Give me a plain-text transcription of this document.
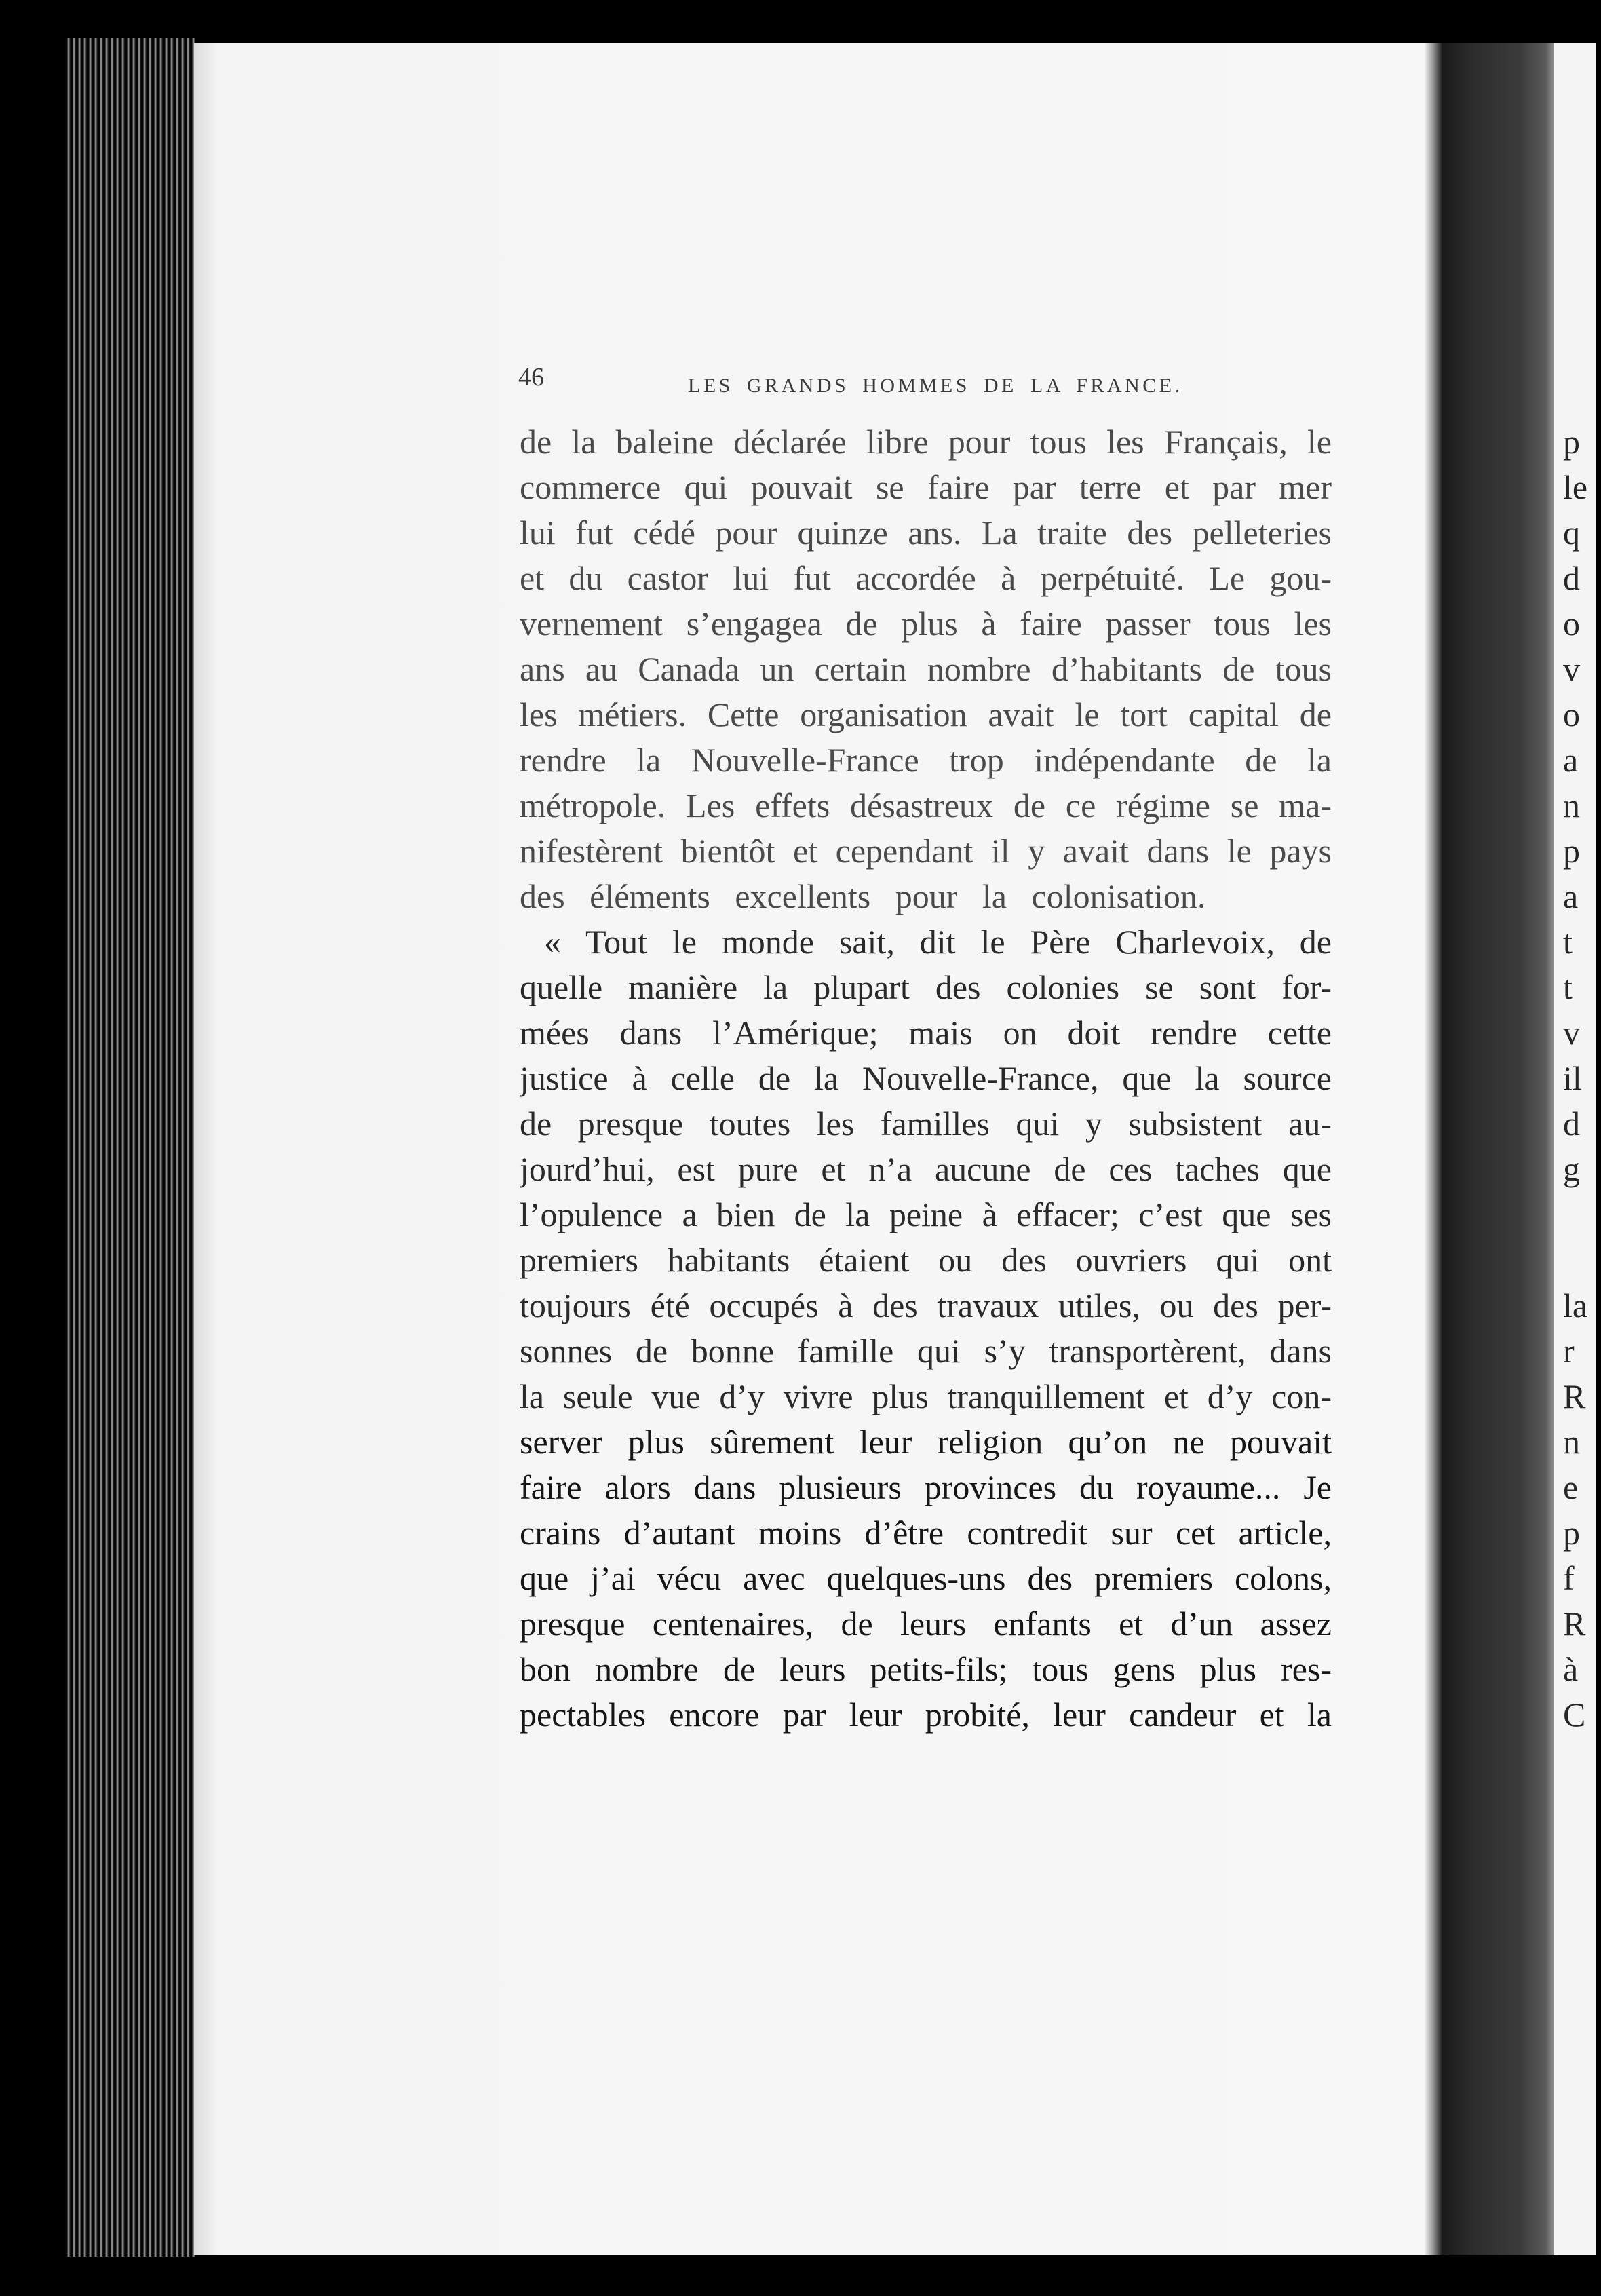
p
le
q
d
o
v
o
a
n
p
a
t
t
v
il
d
g
la
r
R
n
e
p
f
R
à
C
46	LES GRANDS HOMMES DE LA FRANCE.
de la baleine déclarée libre pour tous les Français, le
commerce qui pouvait se faire par terre et par mer
lui fut cédé pour quinze ans. La traite des pelleteries
et du castor lui fut accordée à perpétuité. Le gou-
vernement s’engagea de plus à faire passer tous les
ans au Canada un certain nombre d’habitants de tous
les métiers. Cette organisation avait le tort capital de
rendre la Nouvelle-France trop indépendante de la
métropole. Les effets désastreux de ce régime se ma-
nifestèrent bientôt et cependant il y avait dans le pays
des éléments excellents pour la colonisation.
« Tout le monde sait, dit le Père Charlevoix, de
quelle manière la plupart des colonies se sont for-
mées dans l’Amérique; mais on doit rendre cette
justice à celle de la Nouvelle-France, que la source
de presque toutes les familles qui y subsistent au-
jourd’hui, est pure et n’a aucune de ces taches que
l’opulence a bien de la peine à effacer; c’est que ses
premiers habitants étaient ou des ouvriers qui ont
toujours été occupés à des travaux utiles, ou des per-
sonnes de bonne famille qui s’y transportèrent, dans
la seule vue d’y vivre plus tranquillement et d’y con-
server plus sûrement leur religion qu’on ne pouvait
faire alors dans plusieurs provinces du royaume... Je
crains d’autant moins d’être contredit sur cet article,
que j’ai vécu avec quelques-uns des premiers colons,
presque centenaires, de leurs enfants et d’un assez
bon nombre de leurs petits-fils; tous gens plus res-
pectables encore par leur probité, leur candeur et la
